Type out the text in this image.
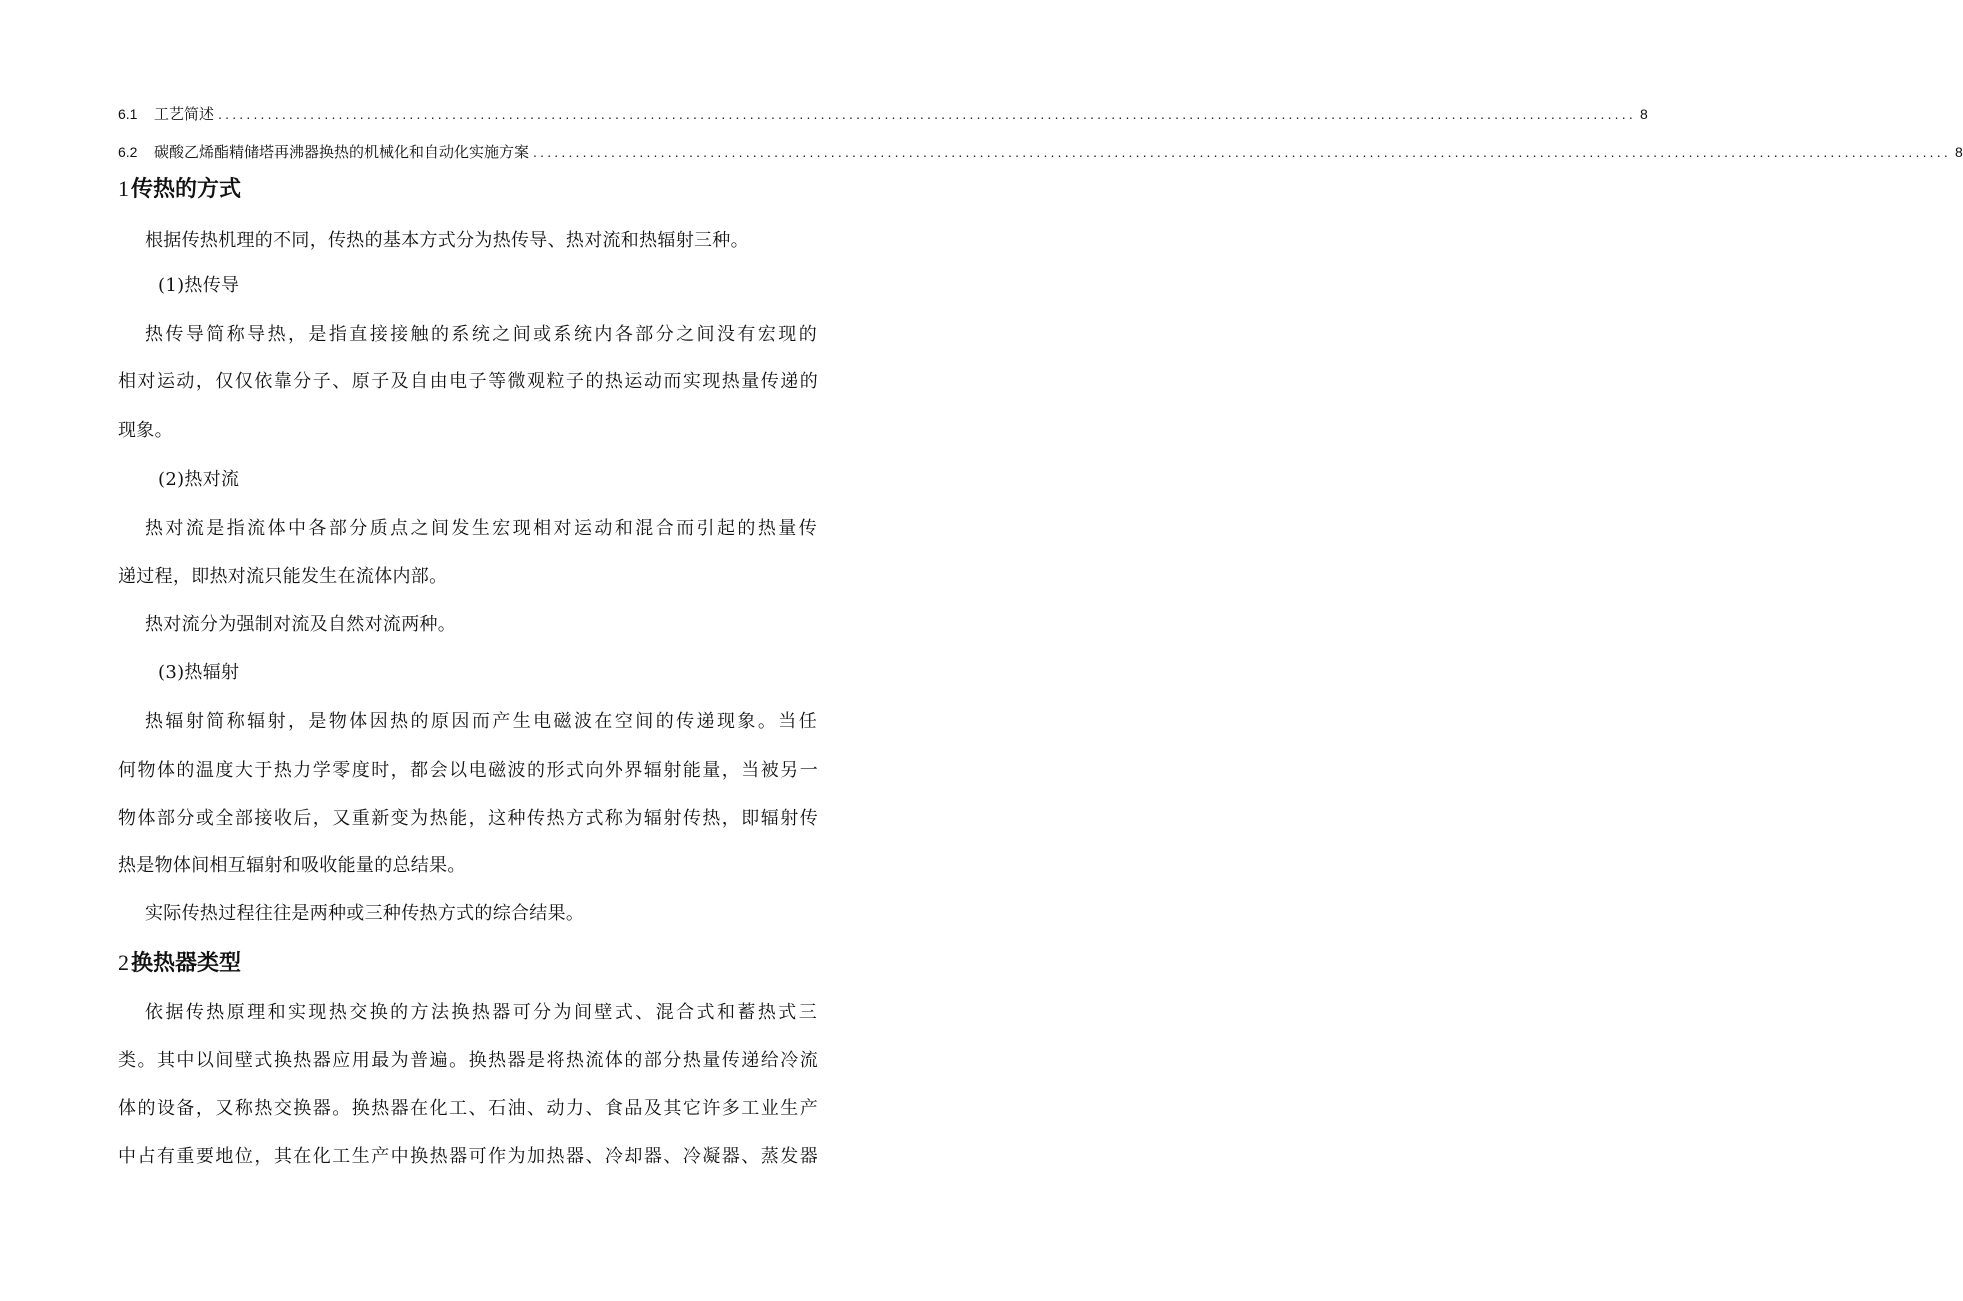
6.1	工艺简述 ........................................................................................................................................................................................................ 8
6.2	碳酸乙烯酯精储塔再沸器换热的机械化和自动化实施方案 ........................................................................................................................................................................................................ 8
1传热的方式
根据传热机理的不同，传热的基本方式分为热传导、热对流和热辐射三种。
(1)热传导
热传导简称导热，是指直接接触的系统之间或系统内各部分之间没有宏现的
相对运动，仅仅依靠分子、原子及自由电子等微观粒子的热运动而实现热量传递的
现象。
(2)热对流
热对流是指流体中各部分质点之间发生宏现相对运动和混合而引起的热量传
递过程，即热对流只能发生在流体内部。
热对流分为强制对流及自然对流两种。
(3)热辐射
热辐射简称辐射，是物体因热的原因而产生电磁波在空间的传递现象。当任
何物体的温度大于热力学零度时，都会以电磁波的形式向外界辐射能量，当被另一
物体部分或全部接收后，又重新变为热能，这种传热方式称为辐射传热，即辐射传
热是物体间相互辐射和吸收能量的总结果。
实际传热过程往往是两种或三种传热方式的综合结果。
2换热器类型
依据传热原理和实现热交换的方法换热器可分为间壁式、混合式和蓄热式三
类。其中以间壁式换热器应用最为普遍。换热器是将热流体的部分热量传递给冷流
体的设备，又称热交换器。换热器在化工、石油、动力、食品及其它许多工业生产
中占有重要地位，其在化工生产中换热器可作为加热器、冷却器、冷凝器、蒸发器
